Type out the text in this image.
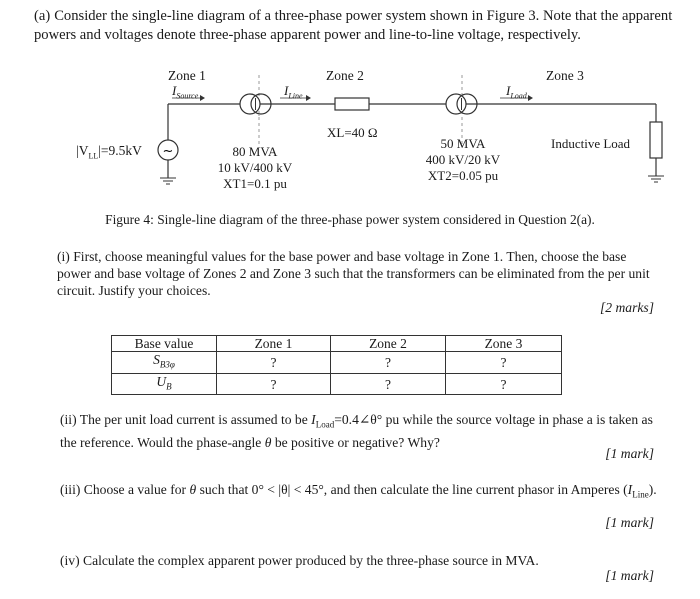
(a) Consider the single-line diagram of a three-phase power system shown in Figure 3. Note that the apparent powers and voltages denote three-phase apparent power and line-to-line voltage, respectively.
~
Zone 1	Zone 2	Zone 3
$I_{Source}$	$I_{Line}$	$I_{Load}$
$|V_{LL}|=9.5kV$
XL=40 Ω
80 MVA
10 kV/400 kV
XT1=0.1 pu
50 MVA
400 kV/20 kV
XT2=0.05 pu
Inductive Load
Figure 4: Single-line diagram of the three-phase power system considered in Question 2(a).
(i) First, choose meaningful values for the base power and base voltage in Zone 1. Then, choose the base power and base voltage of Zones 2 and Zone 3 such that the transformers can be eliminated from the per unit circuit. Justify your choices.
[2 marks]
Base value	Zone 1	Zone 2	Zone 3
$S_{B3\varphi}$	?	?	?
$U_B$	?	?	?
(ii) The per unit load current is assumed to be $I_{Load}=0.4\angle\theta^\circ$ pu while the source voltage in phase a is taken as the reference. Would the phase-angle θ be positive or negative? Why?
[1 mark]
(iii) Choose a value for θ such that 0° < |θ| < 45°, and then calculate the line current phasor in Amperes $(I_{Line})$.
[1 mark]
(iv) Calculate the complex apparent power produced by the three-phase source in MVA.
[1 mark]
